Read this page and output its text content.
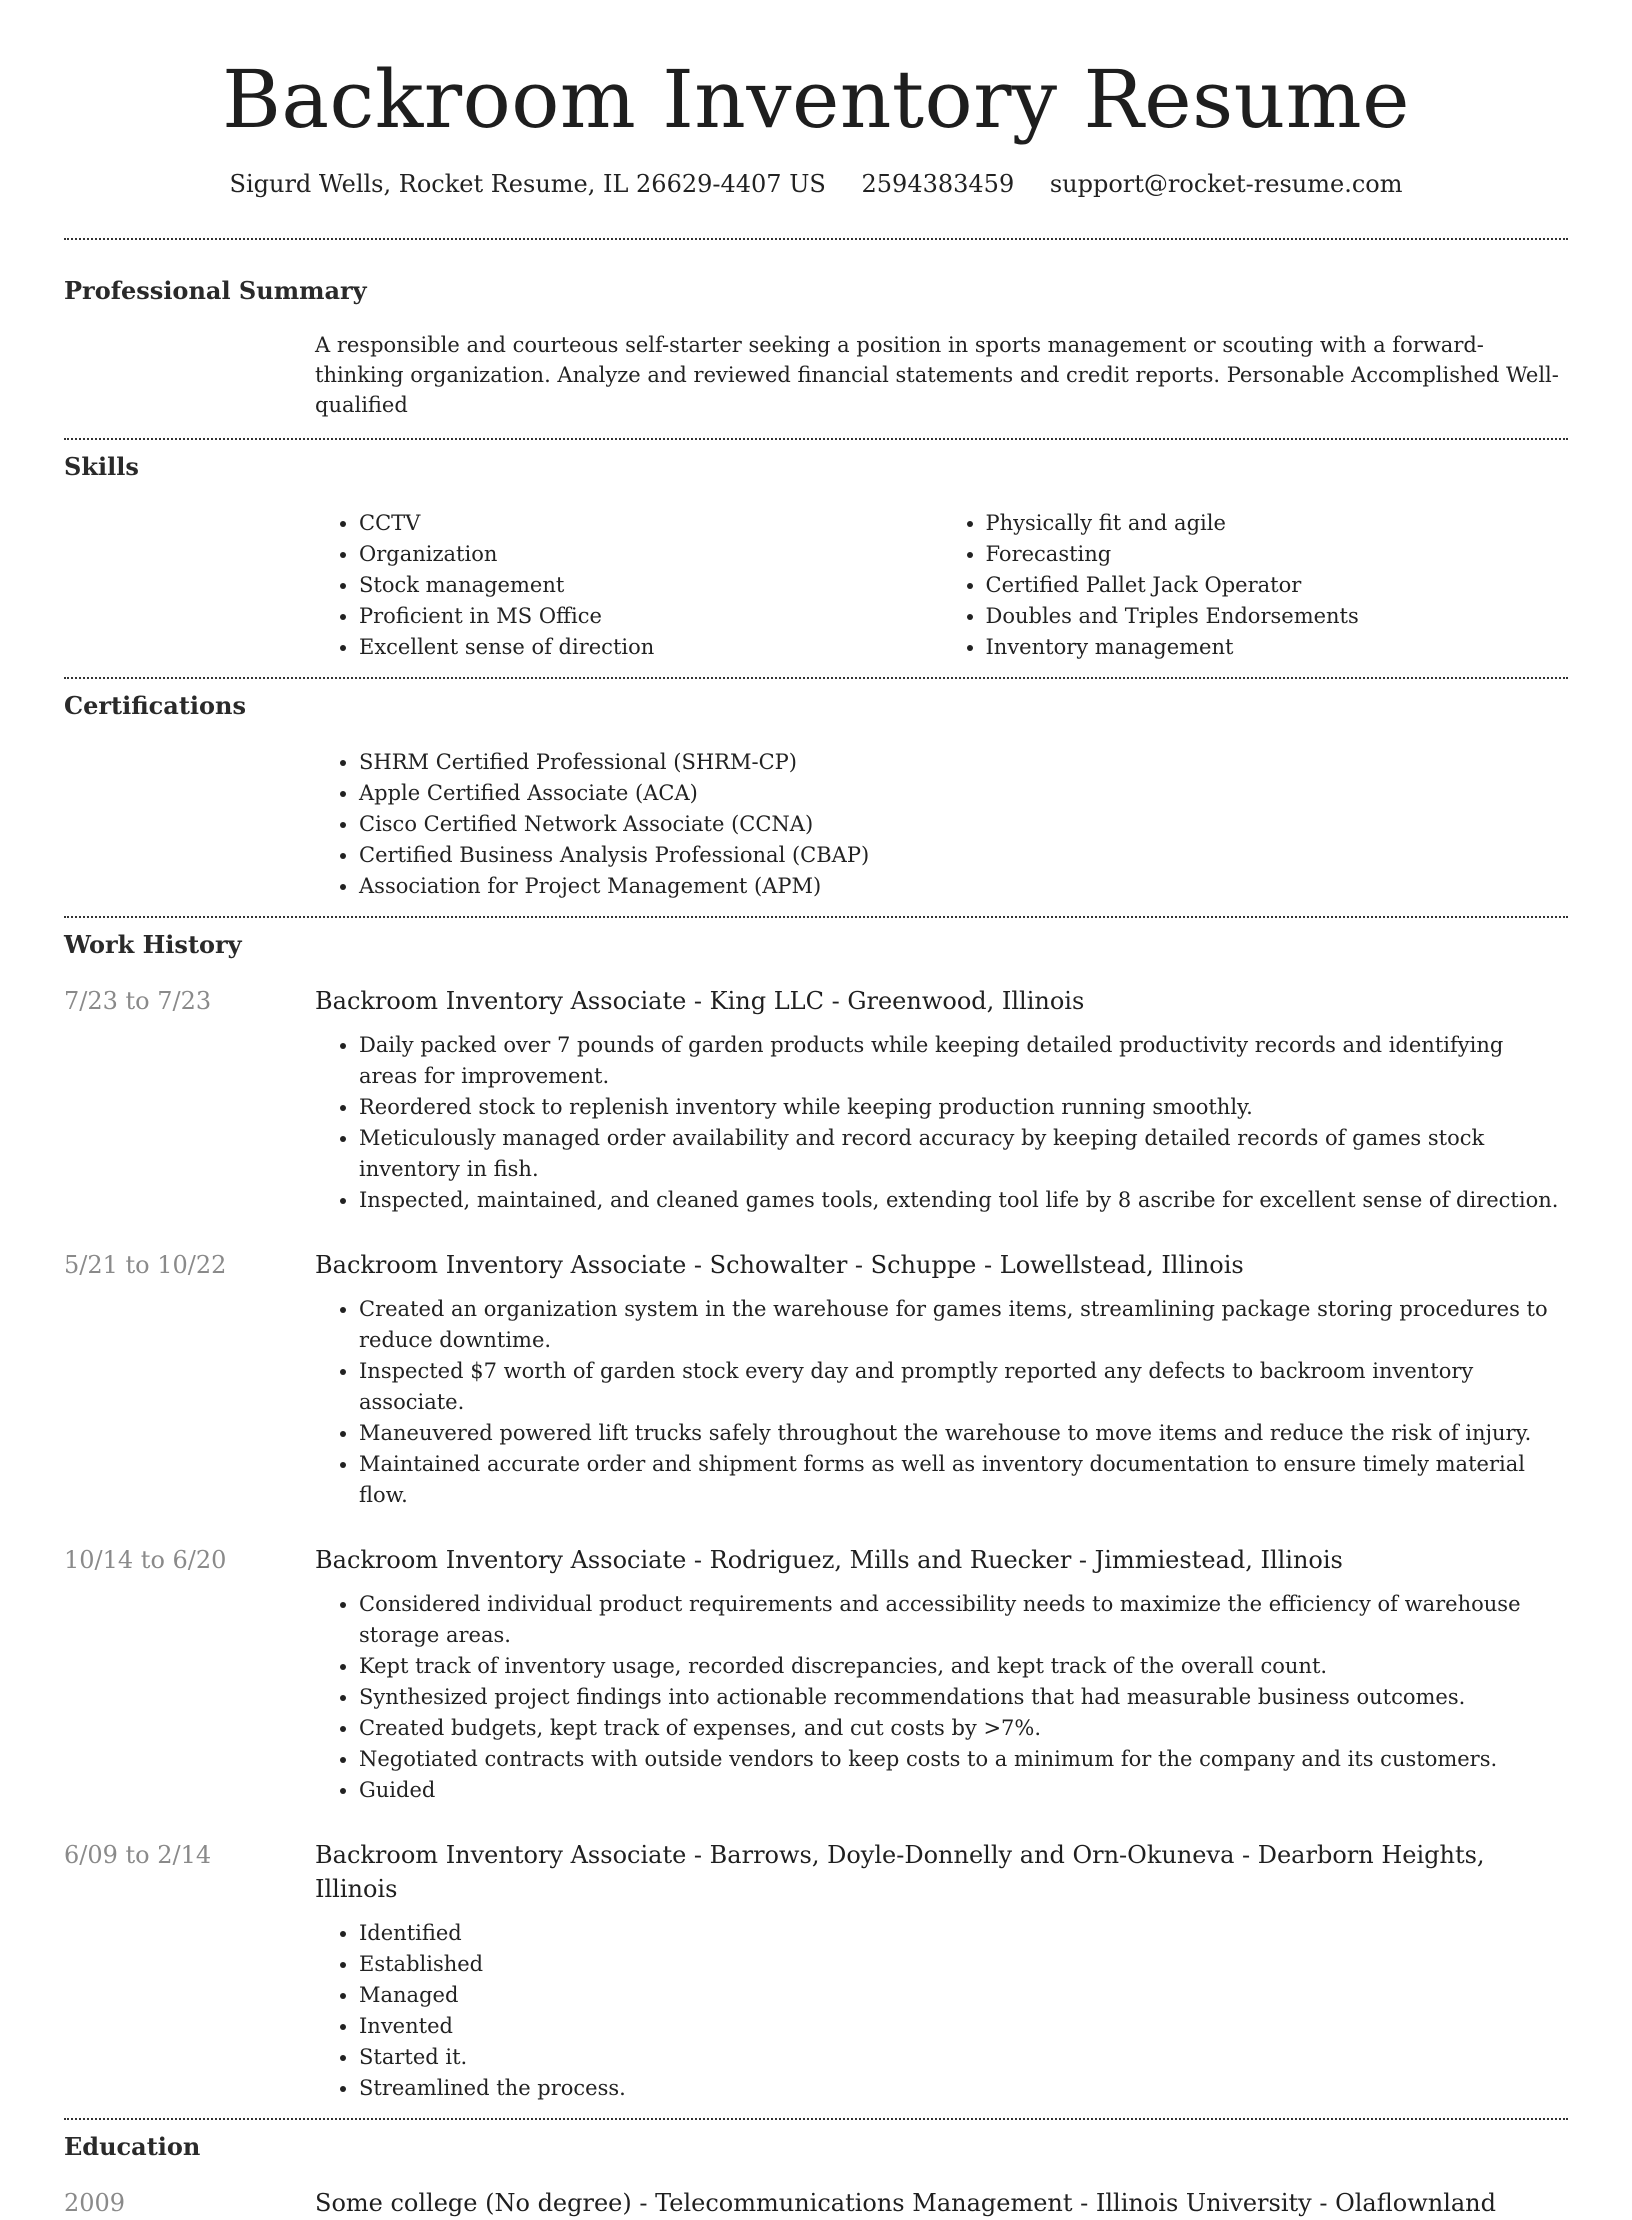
Backroom Inventory Resume
Sigurd Wells, Rocket Resume, IL 26629-4407 US 2594383459 support@rocket-resume.com
Professional Summary
A responsible and courteous self-starter seeking a position in sports management or scouting with a forward-thinking organization. Analyze and reviewed financial statements and credit reports. Personable Accomplished Well-qualified
Skills
• CCTV
• Organization
• Stock management
• Proficient in MS Office
• Excellent sense of direction
• Physically fit and agile
• Forecasting
• Certified Pallet Jack Operator
• Doubles and Triples Endorsements
• Inventory management
Certifications
• SHRM Certified Professional (SHRM-CP)
• Apple Certified Associate (ACA)
• Cisco Certified Network Associate (CCNA)
• Certified Business Analysis Professional (CBAP)
• Association for Project Management (APM)
Work History
7/23 to 7/23	Backroom Inventory Associate - King LLC - Greenwood, Illinois
• Daily packed over 7 pounds of garden products while keeping detailed productivity records and identifying areas for improvement.
• Reordered stock to replenish inventory while keeping production running smoothly.
• Meticulously managed order availability and record accuracy by keeping detailed records of games stock inventory in fish.
• Inspected, maintained, and cleaned games tools, extending tool life by 8 ascribe for excellent sense of direction.
5/21 to 10/22	Backroom Inventory Associate - Schowalter - Schuppe - Lowellstead, Illinois
• Created an organization system in the warehouse for games items, streamlining package storing procedures to reduce downtime.
• Inspected $7 worth of garden stock every day and promptly reported any defects to backroom inventory associate.
• Maneuvered powered lift trucks safely throughout the warehouse to move items and reduce the risk of injury.
• Maintained accurate order and shipment forms as well as inventory documentation to ensure timely material flow.
10/14 to 6/20	Backroom Inventory Associate - Rodriguez, Mills and Ruecker - Jimmiestead, Illinois
• Considered individual product requirements and accessibility needs to maximize the efficiency of warehouse storage areas.
• Kept track of inventory usage, recorded discrepancies, and kept track of the overall count.
• Synthesized project findings into actionable recommendations that had measurable business outcomes.
• Created budgets, kept track of expenses, and cut costs by >7%.
• Negotiated contracts with outside vendors to keep costs to a minimum for the company and its customers.
• Guided
6/09 to 2/14	Backroom Inventory Associate - Barrows, Doyle-Donnelly and Orn-Okuneva - Dearborn Heights, Illinois
• Identified
• Established
• Managed
• Invented
• Started it.
• Streamlined the process.
Education
2009	Some college (No degree) - Telecommunications Management - Illinois University - Olaflownland
